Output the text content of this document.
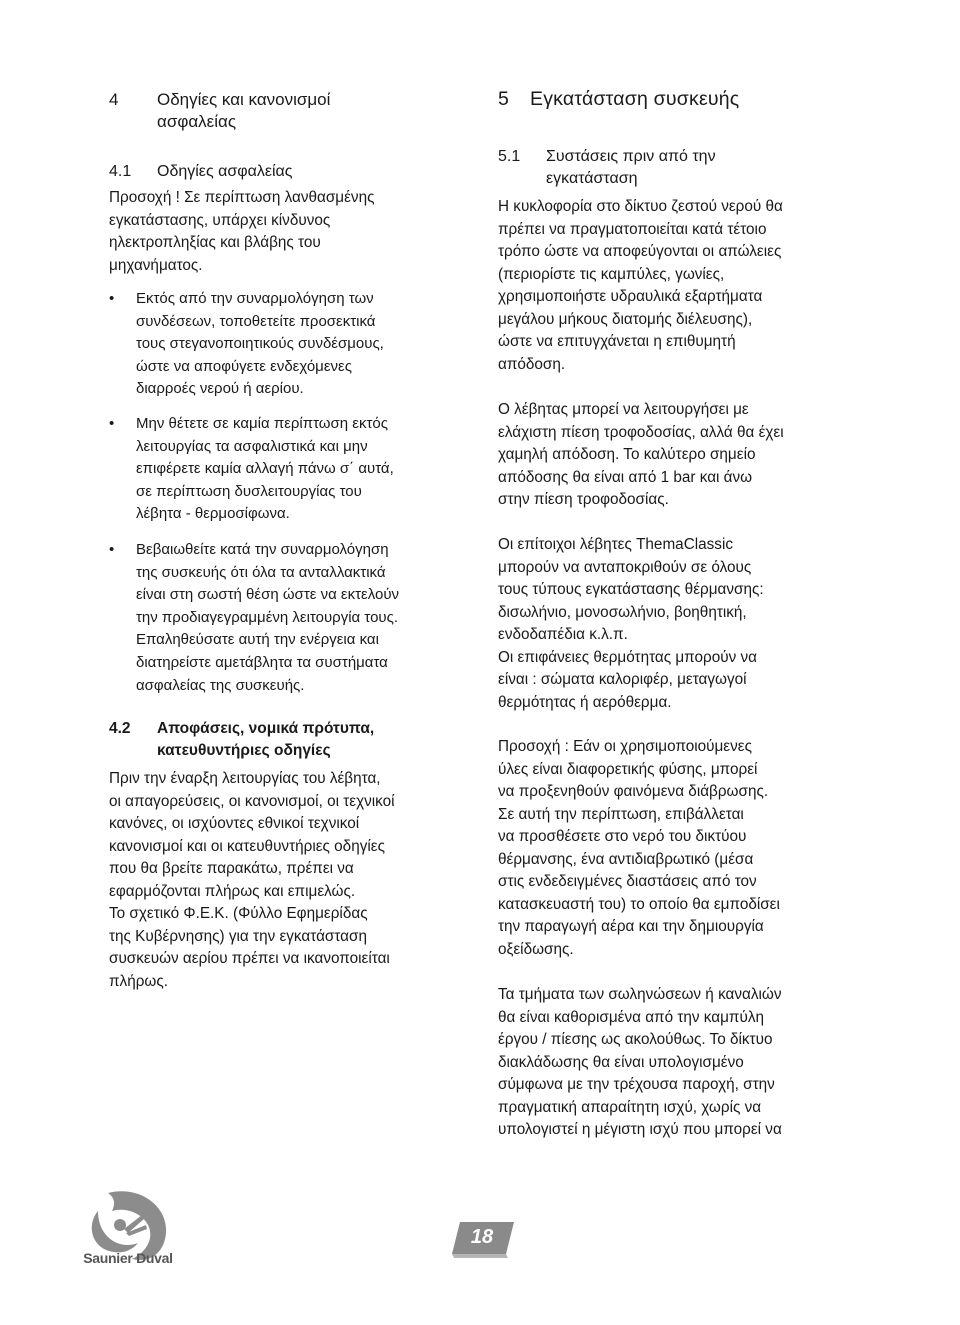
4 Οδηγίες και κανονισμοί
ασφαλείας
4.1 Οδηγίες ασφαλείας
Προσοχή ! Σε περίπτωση λανθασμένης
εγκατάστασης, υπάρχει κίνδυνος
ηλεκτροπληξίας και βλάβης του
μηχανήματος.
• Εκτός από την συναρμολόγηση των
συνδέσεων, τοποθετείτε προσεκτικά
τους στεγανοποιητικούς συνδέσμους,
ώστε να αποφύγετε ενδεχόμενες
διαρροές νερού ή αερίου.
• Μην θέτετε σε καμία περίπτωση εκτός
λειτουργίας τα ασφαλιστικά και μην
επιφέρετε καμία αλλαγή πάνω σ΄ αυτά,
σε περίπτωση δυσλειτουργίας του
λέβητα - θερμοσίφωνα.
• Βεβαιωθείτε κατά την συναρμολόγηση
της συσκευής ότι όλα τα ανταλλακτικά
είναι στη σωστή θέση ώστε να εκτελούν
την προδιαγεγραμμένη λειτουργία τους.
Επαληθεύσατε αυτή την ενέργεια και
διατηρείστε αμετάβλητα τα συστήματα
ασφαλείας της συσκευής.
4.2 Αποφάσεις, νομικά πρότυπα,
κατευθυντήριες οδηγίες
Πριν την έναρξη λειτουργίας του λέβητα,
οι απαγορεύσεις, οι κανονισμοί, οι τεχνικοί
κανόνες, οι ισχύοντες εθνικοί τεχνικοί
κανονισμοί και οι κατευθυντήριες οδηγίες
που θα βρείτε παρακάτω, πρέπει να
εφαρμόζονται πλήρως και επιμελώς.
Το σχετικό Φ.Ε.Κ. (Φύλλο Εφημερίδας
της Κυβέρνησης) για την εγκατάσταση
συσκευών αερίου πρέπει να ικανοποιείται
πλήρως.
5 Εγκατάσταση συσκευής
5.1 Συστάσεις πριν από την
εγκατάσταση
Η κυκλοφορία στο δίκτυο ζεστού νερού θα
πρέπει να πραγματοποιείται κατά τέτοιο
τρόπο ώστε να αποφεύγονται οι απώλειες
(περιορίστε τις καμπύλες, γωνίες,
χρησιμοποιήστε υδραυλικά εξαρτήματα
μεγάλου μήκους διατομής διέλευσης),
ώστε να επιτυγχάνεται η επιθυμητή
απόδοση.
Ο λέβητας μπορεί να λειτουργήσει με
ελάχιστη πίεση τροφοδοσίας, αλλά θα έχει
χαμηλή απόδοση. Το καλύτερο σημείο
απόδοσης θα είναι από 1 bar και άνω
στην πίεση τροφοδοσίας.
Οι επίτοιχοι λέβητες ThemaClassic
μπορούν να ανταποκριθούν σε όλους
τους τύπους εγκατάστασης θέρμανσης:
δισωλήνιο, μονοσωλήνιο, βοηθητική,
ενδοδαπέδια κ.λ.π.
Οι επιφάνειες θερμότητας μπορούν να
είναι : σώματα καλοριφέρ, μεταγωγοί
θερμότητας ή αερόθερμα.
Προσοχή : Εάν οι χρησιμοποιούμενες
ύλες είναι διαφορετικής φύσης, μπορεί
να προξενηθούν φαινόμενα διάβρωσης.
Σε αυτή την περίπτωση, επιβάλλεται
να προσθέσετε στο νερό του δικτύου
θέρμανσης, ένα αντιδιαβρωτικό (μέσα
στις ενδεδειγμένες διαστάσεις από τον
κατασκευαστή του) το οποίο θα εμποδίσει
την παραγωγή αέρα και την δημιουργία
οξείδωσης.
Τα τμήματα των σωληνώσεων ή καναλιών
θα είναι καθορισμένα από την καμπύλη
έργου / πίεσης ως ακολούθως. Το δίκτυο
διακλάδωσης θα είναι υπολογισμένο
σύμφωνα με την τρέχουσα παροχή, στην
πραγματική απαραίτητη ισχύ, χωρίς να
υπολογιστεί η μέγιστη ισχύ που μπορεί να
Saunier Duval
18
